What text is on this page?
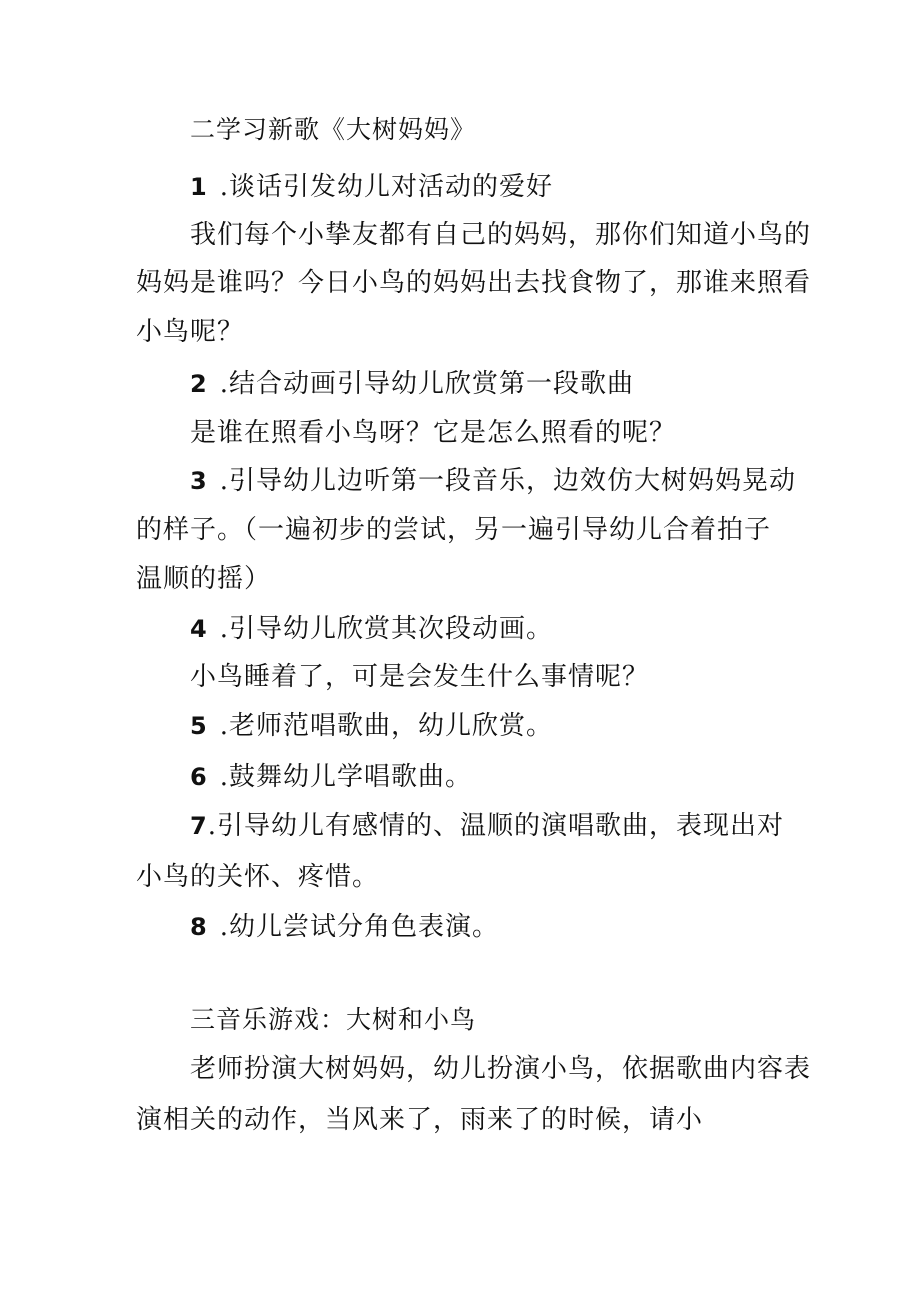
二学习新歌《大树妈妈》
1 .谈话引发幼儿对活动的爱好
我们每个小挚友都有自己的妈妈，那你们知道小鸟的
妈妈是谁吗？今日小鸟的妈妈出去找食物了，那谁来照看
小鸟呢？
2 .结合动画引导幼儿欣赏第一段歌曲
是谁在照看小鸟呀？它是怎么照看的呢？
3 .引导幼儿边听第一段音乐，边效仿大树妈妈晃动
的样子。（一遍初步的尝试，另一遍引导幼儿合着拍子
温顺的摇）
4 .引导幼儿欣赏其次段动画。
小鸟睡着了，可是会发生什么事情呢？
5 .老师范唱歌曲，幼儿欣赏。
6 .鼓舞幼儿学唱歌曲。
7.引导幼儿有感情的、温顺的演唱歌曲，表现出对
小鸟的关怀、疼惜。
8 .幼儿尝试分角色表演。
三音乐游戏：大树和小鸟
老师扮演大树妈妈，幼儿扮演小鸟，依据歌曲内容表
演相关的动作，当风来了，雨来了的时候，请小
